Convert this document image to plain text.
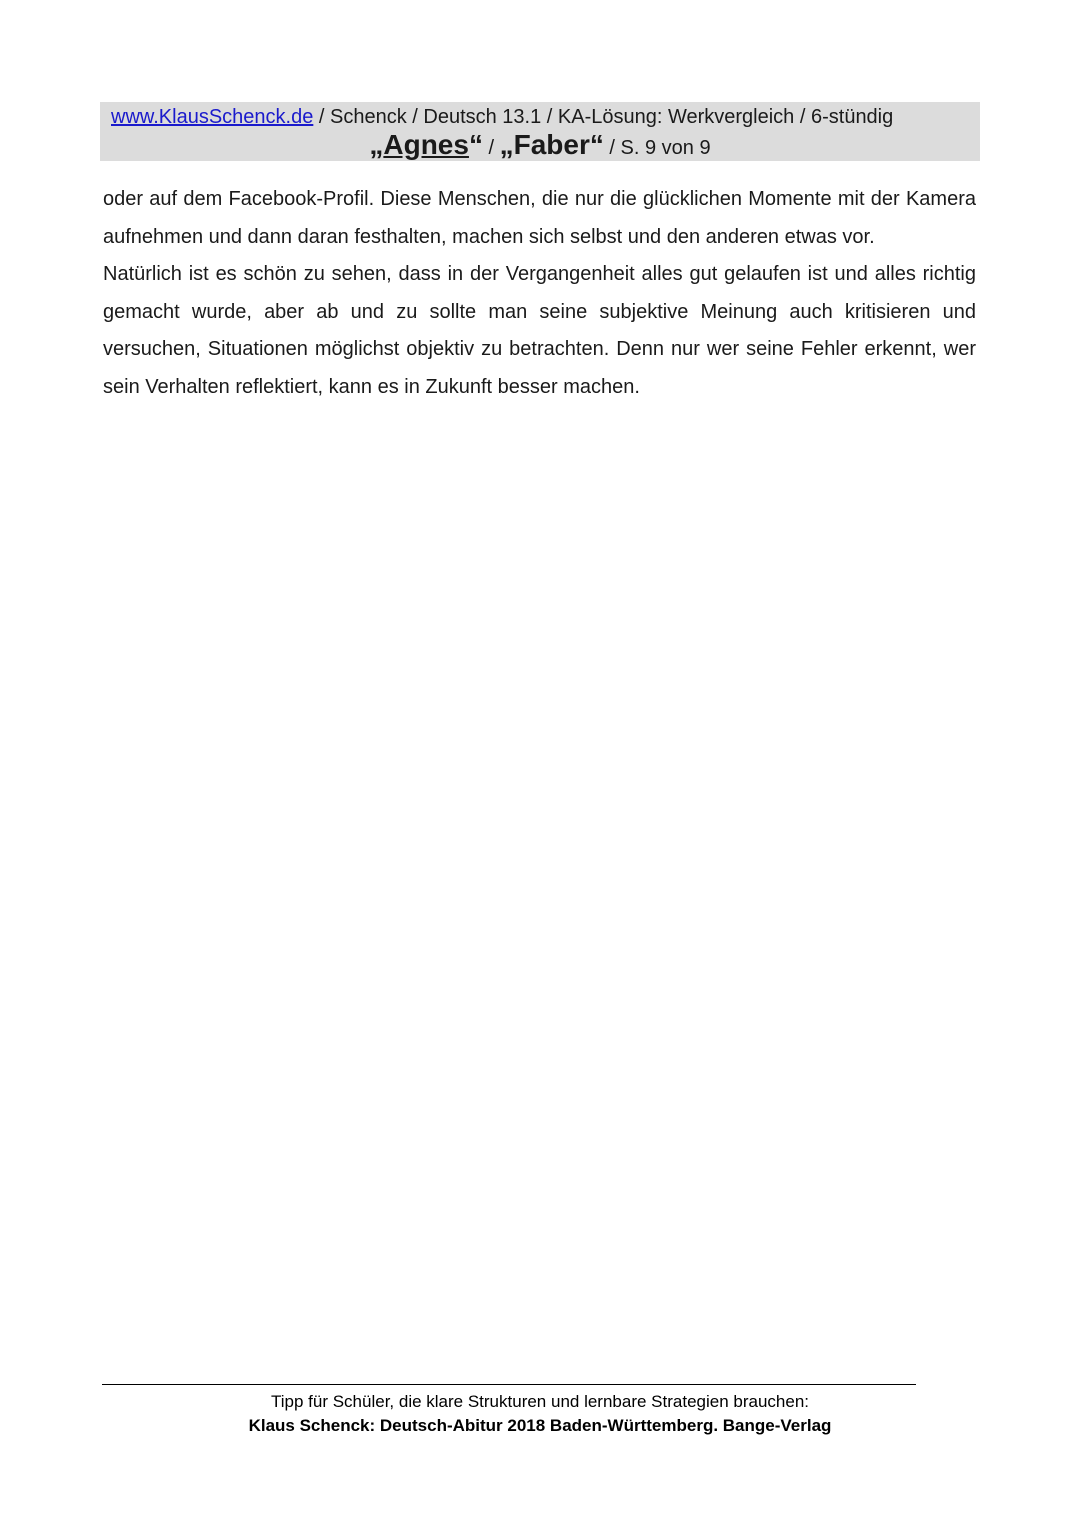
www.KlausSchenck.de / Schenck / Deutsch 13.1 / KA-Lösung: Werkvergleich / 6-stündig
„Agnes“ / „Faber“ / S. 9 von 9

oder auf dem Facebook-Profil. Diese Menschen, die nur die glücklichen Momente mit der Kamera aufnehmen und dann daran festhalten, machen sich selbst und den anderen etwas vor.

Natürlich ist es schön zu sehen, dass in der Vergangenheit alles gut gelaufen ist und alles richtig gemacht wurde, aber ab und zu sollte man seine subjektive Meinung auch kritisieren und versuchen, Situationen möglichst objektiv zu betrachten. Denn nur wer seine Fehler erkennt, wer sein Verhalten reflektiert, kann es in Zukunft besser machen.

Tipp für Schüler, die klare Strukturen und lernbare Strategien brauchen:
Klaus Schenck: Deutsch-Abitur 2018 Baden-Württemberg. Bange-Verlag
